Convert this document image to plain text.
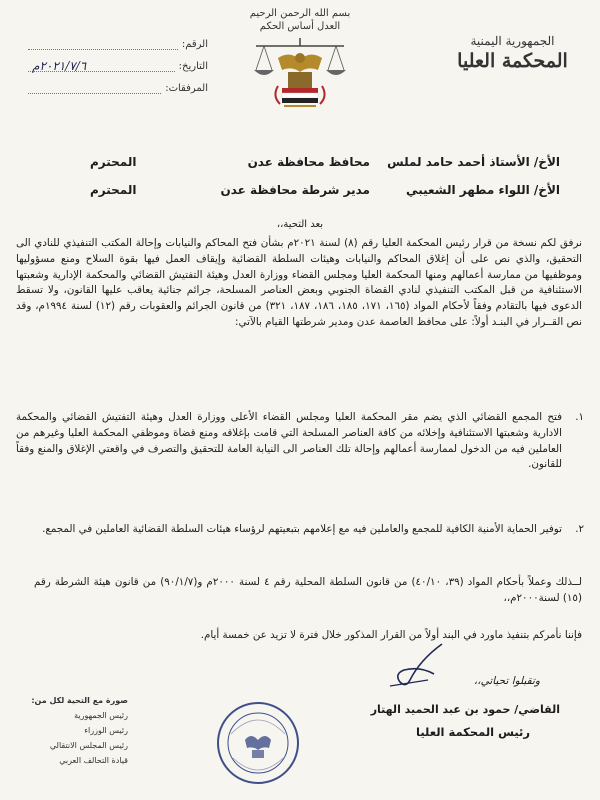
الجمهورية اليمنية
المحكمة العليا
بسم الله الرحمن الرحيم
العدل أساس الحكم
الرقم:
التاريخ:
٢٠٢١/٧/٦م
المرفقات:
الأخ/ الأستاذ أحمد حامد لملس
محافظ محافظة عدن
المحترم
الأخ/ اللواء مطهر الشعيبي
مدير شرطة محافظة عدن
المحترم
بعد التحية،،
نرفق لكم نسخة من قرار رئيس المحكمة العليا رقم (٨) لسنة ٢٠٢١م بشأن فتح المحاكم والنيابات وإحالة المكتب التنفيذي للنادي الى التحقيق، والذي نص على أن إغلاق المحاكم والنيابات وهيئات السلطة القضائية وإيقاف العمل فيها بقوة السلاح ومنع مسؤوليها وموظفيها من ممارسة أعمالهم ومنها المحكمة العليا ومجلس القضاء ووزارة العدل وهيئة التفتيش القضائي والمحكمة الإدارية وشعبتها الاستئنافية من قبل المكتب التنفيذي لنادي القضاة الجنوبي وبعض العناصر المسلحة، جرائم جنائية يعاقب عليها القانون، ولا تسقط الدعوى فيها بالتقادم وفقاً لأحكام المواد (١٦٥، ١٧١، ١٨٥، ١٨٦، ١٨٧، ٣٢١) من قانون الجرائم والعقوبات رقم (١٢) لسنة ١٩٩٤م، وقد نص القــرار في البنـد أولاً: على محافظ العاصمة عدن ومدير شرطتها القيام بالآتي:
١.
فتح المجمع القضائي الذي يضم مقر المحكمة العليا ومجلس القضاء الأعلى ووزارة العدل وهيئة التفتيش القضائي والمحكمة الادارية وشعبتها الاستئنافية وإخلائه من كافة العناصر المسلحة التي قامت بإغلاقه ومنع قضاة وموظفي المحكمة العليا وغيرهم من العاملين فيه من الدخول لممارسة أعمالهم وإحالة تلك العناصر الى النيابة العامة للتحقيق والتصرف في واقعتي الإغلاق والمنع وفقاً للقانون.
٢.
توفير الحماية الأمنية الكافية للمجمع والعاملين فيه مع إعلامهم بتبعيتهم لرؤساء هيئات السلطة القضائية العاملين في المجمع.
لــذلك وعملاً بأحكام المواد (٣٩، ٤٠/١٠) من قانون السلطة المحلية رقم ٤ لسنة ٢٠٠٠م و(٩٠/١/٧) من قانون هيئة الشرطة رقم (١٥) لسنة٢٠٠٠م،،
فإننا نأمركم بتنفيذ ماورد في البند أولاً من القرار المذكور خلال فترة لا تزيد عن خمسة أيام.
وتقبلوا تحياتي،،
القاضي/ حمود بن عبد الحميد الهتار
رئيس المحكمة العليا
صورة مع التحية لكل من:
رئيس الجمهورية
رئيس الوزراء
رئيس المجلس الانتقالي
قيادة التحالف العربي
